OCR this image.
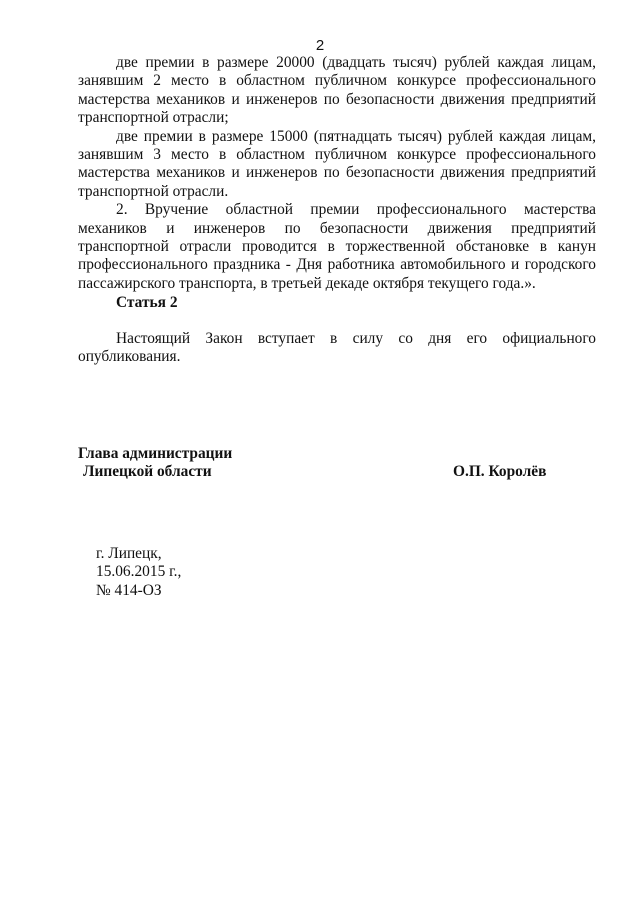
2

две премии в размере 20000 (двадцать тысяч) рублей каждая лицам, занявшим 2 место в областном публичном конкурсе профессионального мастерства механиков и инженеров по безопасности движения предприятий транспортной отрасли;

две премии в размере 15000 (пятнадцать тысяч) рублей каждая лицам, занявшим 3 место в областном публичном конкурсе профессионального мастерства механиков и инженеров по безопасности движения предприятий транспортной отрасли.

2. Вручение областной премии профессионального мастерства механиков и инженеров по безопасности движения предприятий транспортной отрасли проводится в торжественной обстановке в канун профессионального праздника - Дня работника автомобильного и городского пассажирского транспорта, в третьей декаде октября текущего года.».

Статья 2

Настоящий Закон вступает в силу со дня его официального опубликования.

Глава администрации
Липецкой области	О.П. Королёв
г. Липецк,
15.06.2015 г.,
№ 414-ОЗ
